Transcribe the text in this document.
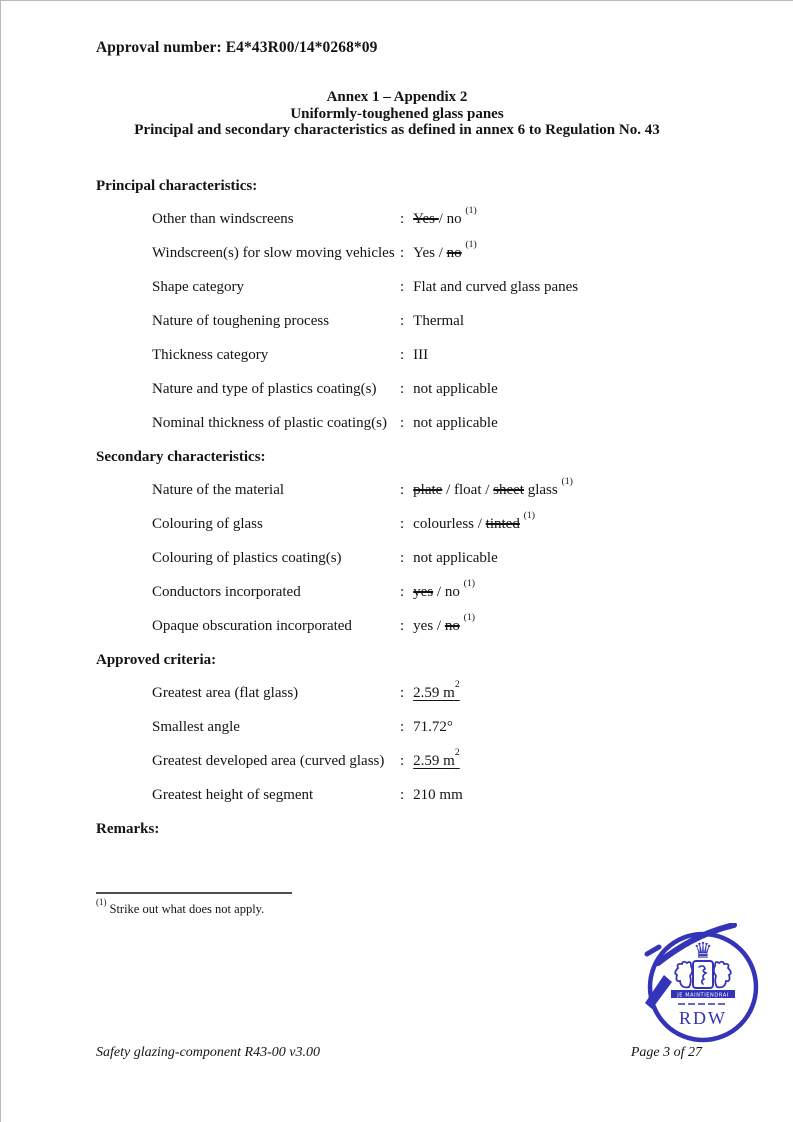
Approval number: E4*43R00/14*0268*09
Annex 1 – Appendix 2
Uniformly-toughened glass panes
Principal and secondary characteristics as defined in annex 6 to Regulation No. 43
Principal characteristics:
Other than windscreens	: Yes / no $^{(1)}$
Windscreen(s) for slow moving vehicles : Yes / no $^{(1)}$
Shape category	: Flat and curved glass panes
Nature of toughening process	: Thermal
Thickness category	: III
Nature and type of plastics coating(s)	: not applicable
Nominal thickness of plastic coating(s) : not applicable
Secondary characteristics:
Nature of the material	: plate / float / sheet glass $^{(1)}$
Colouring of glass	: colourless / tinted $^{(1)}$
Colouring of plastics coating(s)	: not applicable
Conductors incorporated	: yes / no $^{(1)}$
Opaque obscuration incorporated	: yes / no $^{(1)}$
Approved criteria:
Greatest area (flat glass)	: 2.59 $m^2$
Smallest angle	: 71.72°
Greatest developed area (curved glass)	: 2.59 $m^2$
Greatest height of segment	: 210 mm
Remarks:
$^{(1)}$Strike out what does not apply.
♛
JE MAINTIENDRAI
RDW
Safety glazing-component R43-00 v3.00	Page 3 of 27
